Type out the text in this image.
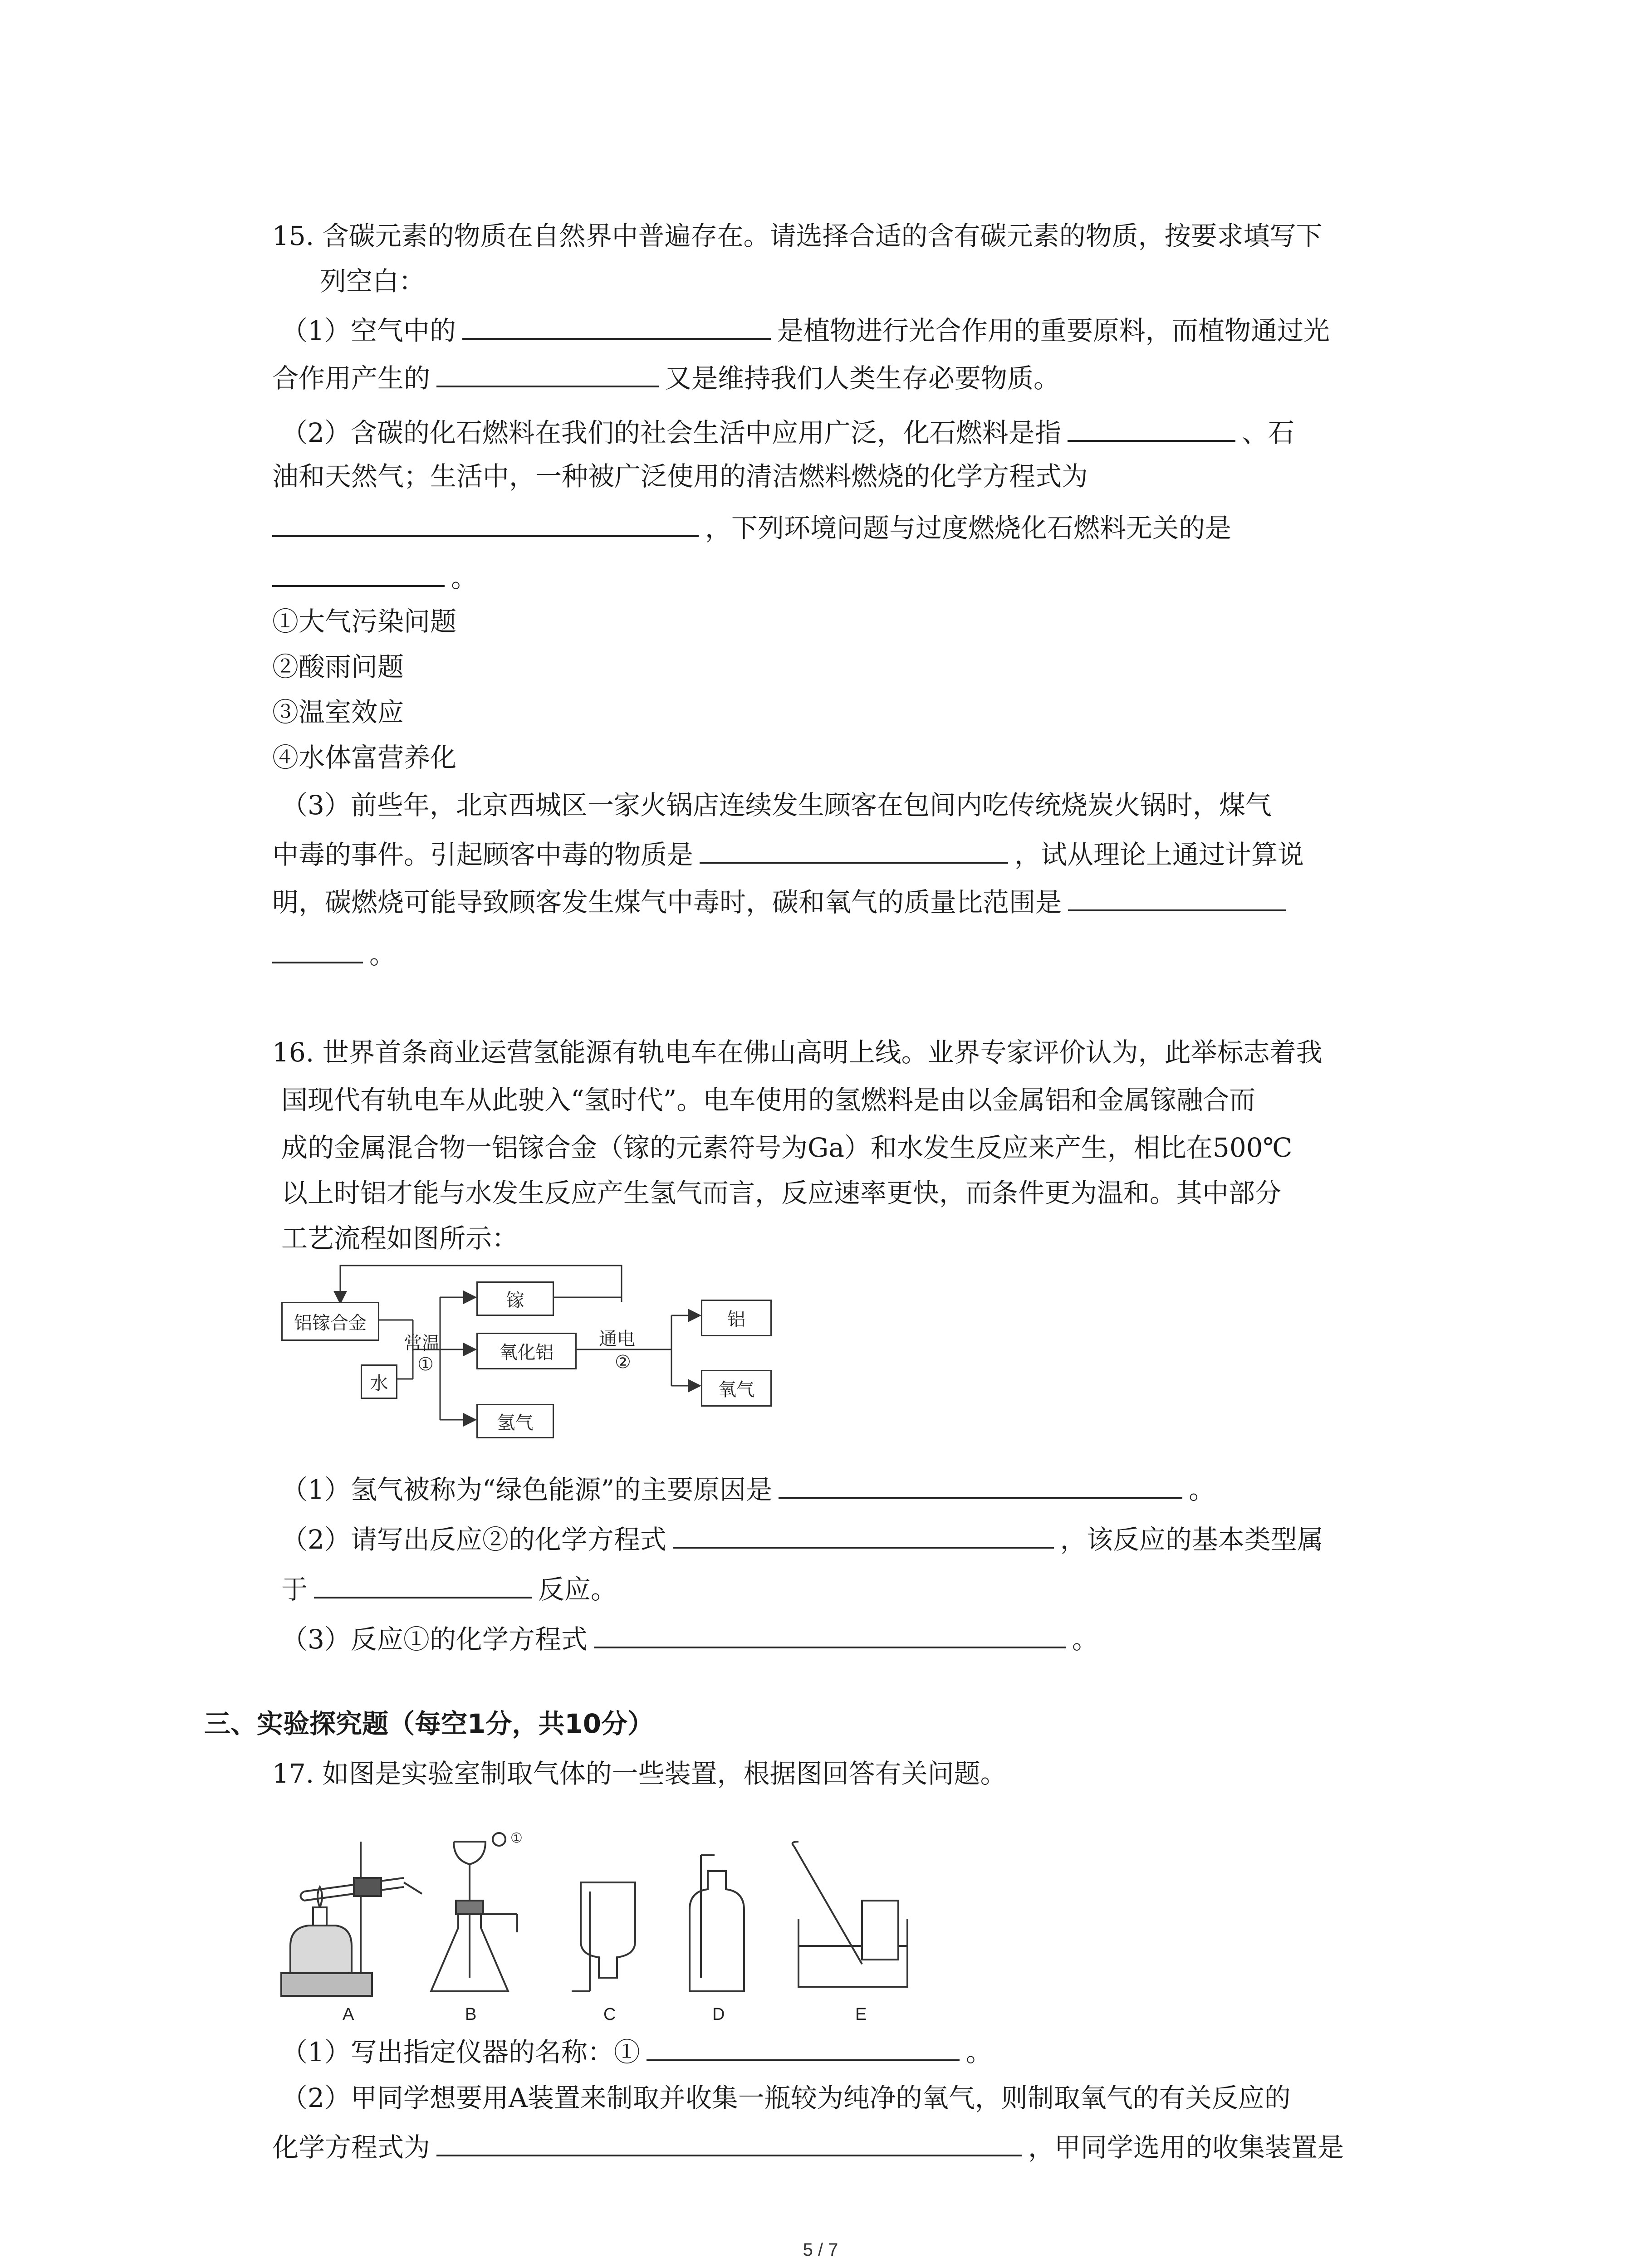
15. 含碳元素的物质在自然界中普遍存在。请选择合适的含有碳元素的物质，按要求填写下
列空白：
（1）空气中的	是植物进行光合作用的重要原料，而植物通过光
合作用产生的	又是维持我们人类生存必要物质。
（2）含碳的化石燃料在我们的社会生活中应用广泛，化石燃料是指	、石
油和天然气；生活中，一种被广泛使用的清洁燃料燃烧的化学方程式为
，下列环境问题与过度燃烧化石燃料无关的是
。
①大气污染问题
②酸雨问题
③温室效应
④水体富营养化
（3）前些年，北京西城区一家火锅店连续发生顾客在包间内吃传统烧炭火锅时，煤气
中毒的事件。引起顾客中毒的物质是	，试从理论上通过计算说
明，碳燃烧可能导致顾客发生煤气中毒时，碳和氧气的质量比范围是
。
16. 世界首条商业运营氢能源有轨电车在佛山高明上线。业界专家评价认为，此举标志着我
国现代有轨电车从此驶入“氢时代”。电车使用的氢燃料是由以金属铝和金属镓融合而
成的金属混合物一铝镓合金（镓的元素符号为Ga）和水发生反应来产生，相比在500℃
以上时铝才能与水发生反应产生氢气而言，反应速率更快，而条件更为温和。其中部分
工艺流程如图所示：
铝镓合金
水
常温
①
镓
氧化铝
氢气
通电
②
铝
氧气
（1）氢气被称为“绿色能源”的主要原因是	。
（2）请写出反应②的化学方程式	，该反应的基本类型属
于	反应。
（3）反应①的化学方程式	。
三、实验探究题（每空1分，共10分）
17. 如图是实验室制取气体的一些装置，根据图回答有关问题。
A	B	C	D	E
①
（1）写出指定仪器的名称：①	。
（2）甲同学想要用A装置来制取并收集一瓶较为纯净的氧气，则制取氧气的有关反应的
化学方程式为	，甲同学选用的收集装置是
5 / 7
